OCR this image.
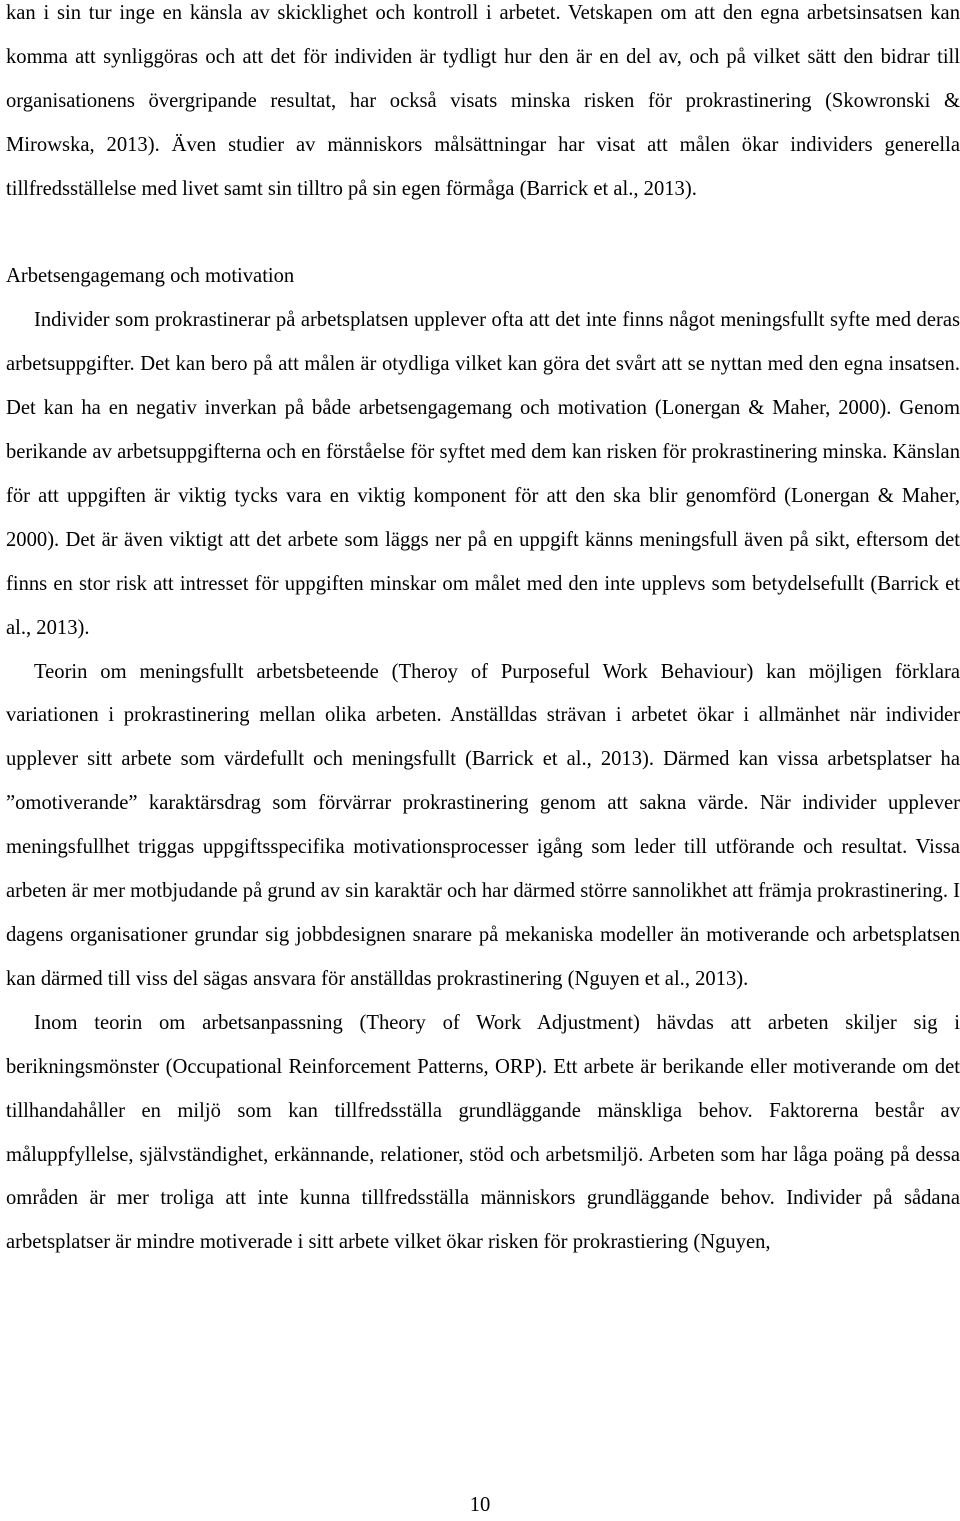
kan i sin tur inge en känsla av skicklighet och kontroll i arbetet. Vetskapen om att den egna arbetsinsatsen kan komma att synliggöras och att det för individen är tydligt hur den är en del av, och på vilket sätt den bidrar till organisationens övergripande resultat, har också visats minska risken för prokrastinering (Skowronski & Mirowska, 2013). Även studier av människors målsättningar har visat att målen ökar individers generella tillfredsställelse med livet samt sin tilltro på sin egen förmåga (Barrick et al., 2013).

Arbetsengagemang och motivation

Individer som prokrastinerar på arbetsplatsen upplever ofta att det inte finns något meningsfullt syfte med deras arbetsuppgifter. Det kan bero på att målen är otydliga vilket kan göra det svårt att se nyttan med den egna insatsen. Det kan ha en negativ inverkan på både arbetsengagemang och motivation (Lonergan & Maher, 2000). Genom berikande av arbetsuppgifterna och en förståelse för syftet med dem kan risken för prokrastinering minska. Känslan för att uppgiften är viktig tycks vara en viktig komponent för att den ska blir genomförd (Lonergan & Maher, 2000). Det är även viktigt att det arbete som läggs ner på en uppgift känns meningsfull även på sikt, eftersom det finns en stor risk att intresset för uppgiften minskar om målet med den inte upplevs som betydelsefullt (Barrick et al., 2013).

Teorin om meningsfullt arbetsbeteende (Theroy of Purposeful Work Behaviour) kan möjligen förklara variationen i prokrastinering mellan olika arbeten. Anställdas strävan i arbetet ökar i allmänhet när individer upplever sitt arbete som värdefullt och meningsfullt (Barrick et al., 2013). Därmed kan vissa arbetsplatser ha ”omotiverande” karaktärsdrag som förvärrar prokrastinering genom att sakna värde. När individer upplever meningsfullhet triggas uppgiftsspecifika motivationsprocesser igång som leder till utförande och resultat. Vissa arbeten är mer motbjudande på grund av sin karaktär och har därmed större sannolikhet att främja prokrastinering. I dagens organisationer grundar sig jobbdesignen snarare på mekaniska modeller än motiverande och arbetsplatsen kan därmed till viss del sägas ansvara för anställdas prokrastinering (Nguyen et al., 2013).

Inom teorin om arbetsanpassning (Theory of Work Adjustment) hävdas att arbeten skiljer sig i berikningsmönster (Occupational Reinforcement Patterns, ORP). Ett arbete är berikande eller motiverande om det tillhandahåller en miljö som kan tillfredsställa grundläggande mänskliga behov. Faktorerna består av måluppfyllelse, självständighet, erkännande, relationer, stöd och arbetsmiljö. Arbeten som har låga poäng på dessa områden är mer troliga att inte kunna tillfredsställa människors grundläggande behov. Individer på sådana arbetsplatser är mindre motiverade i sitt arbete vilket ökar risken för prokrastiering (Nguyen,

10
